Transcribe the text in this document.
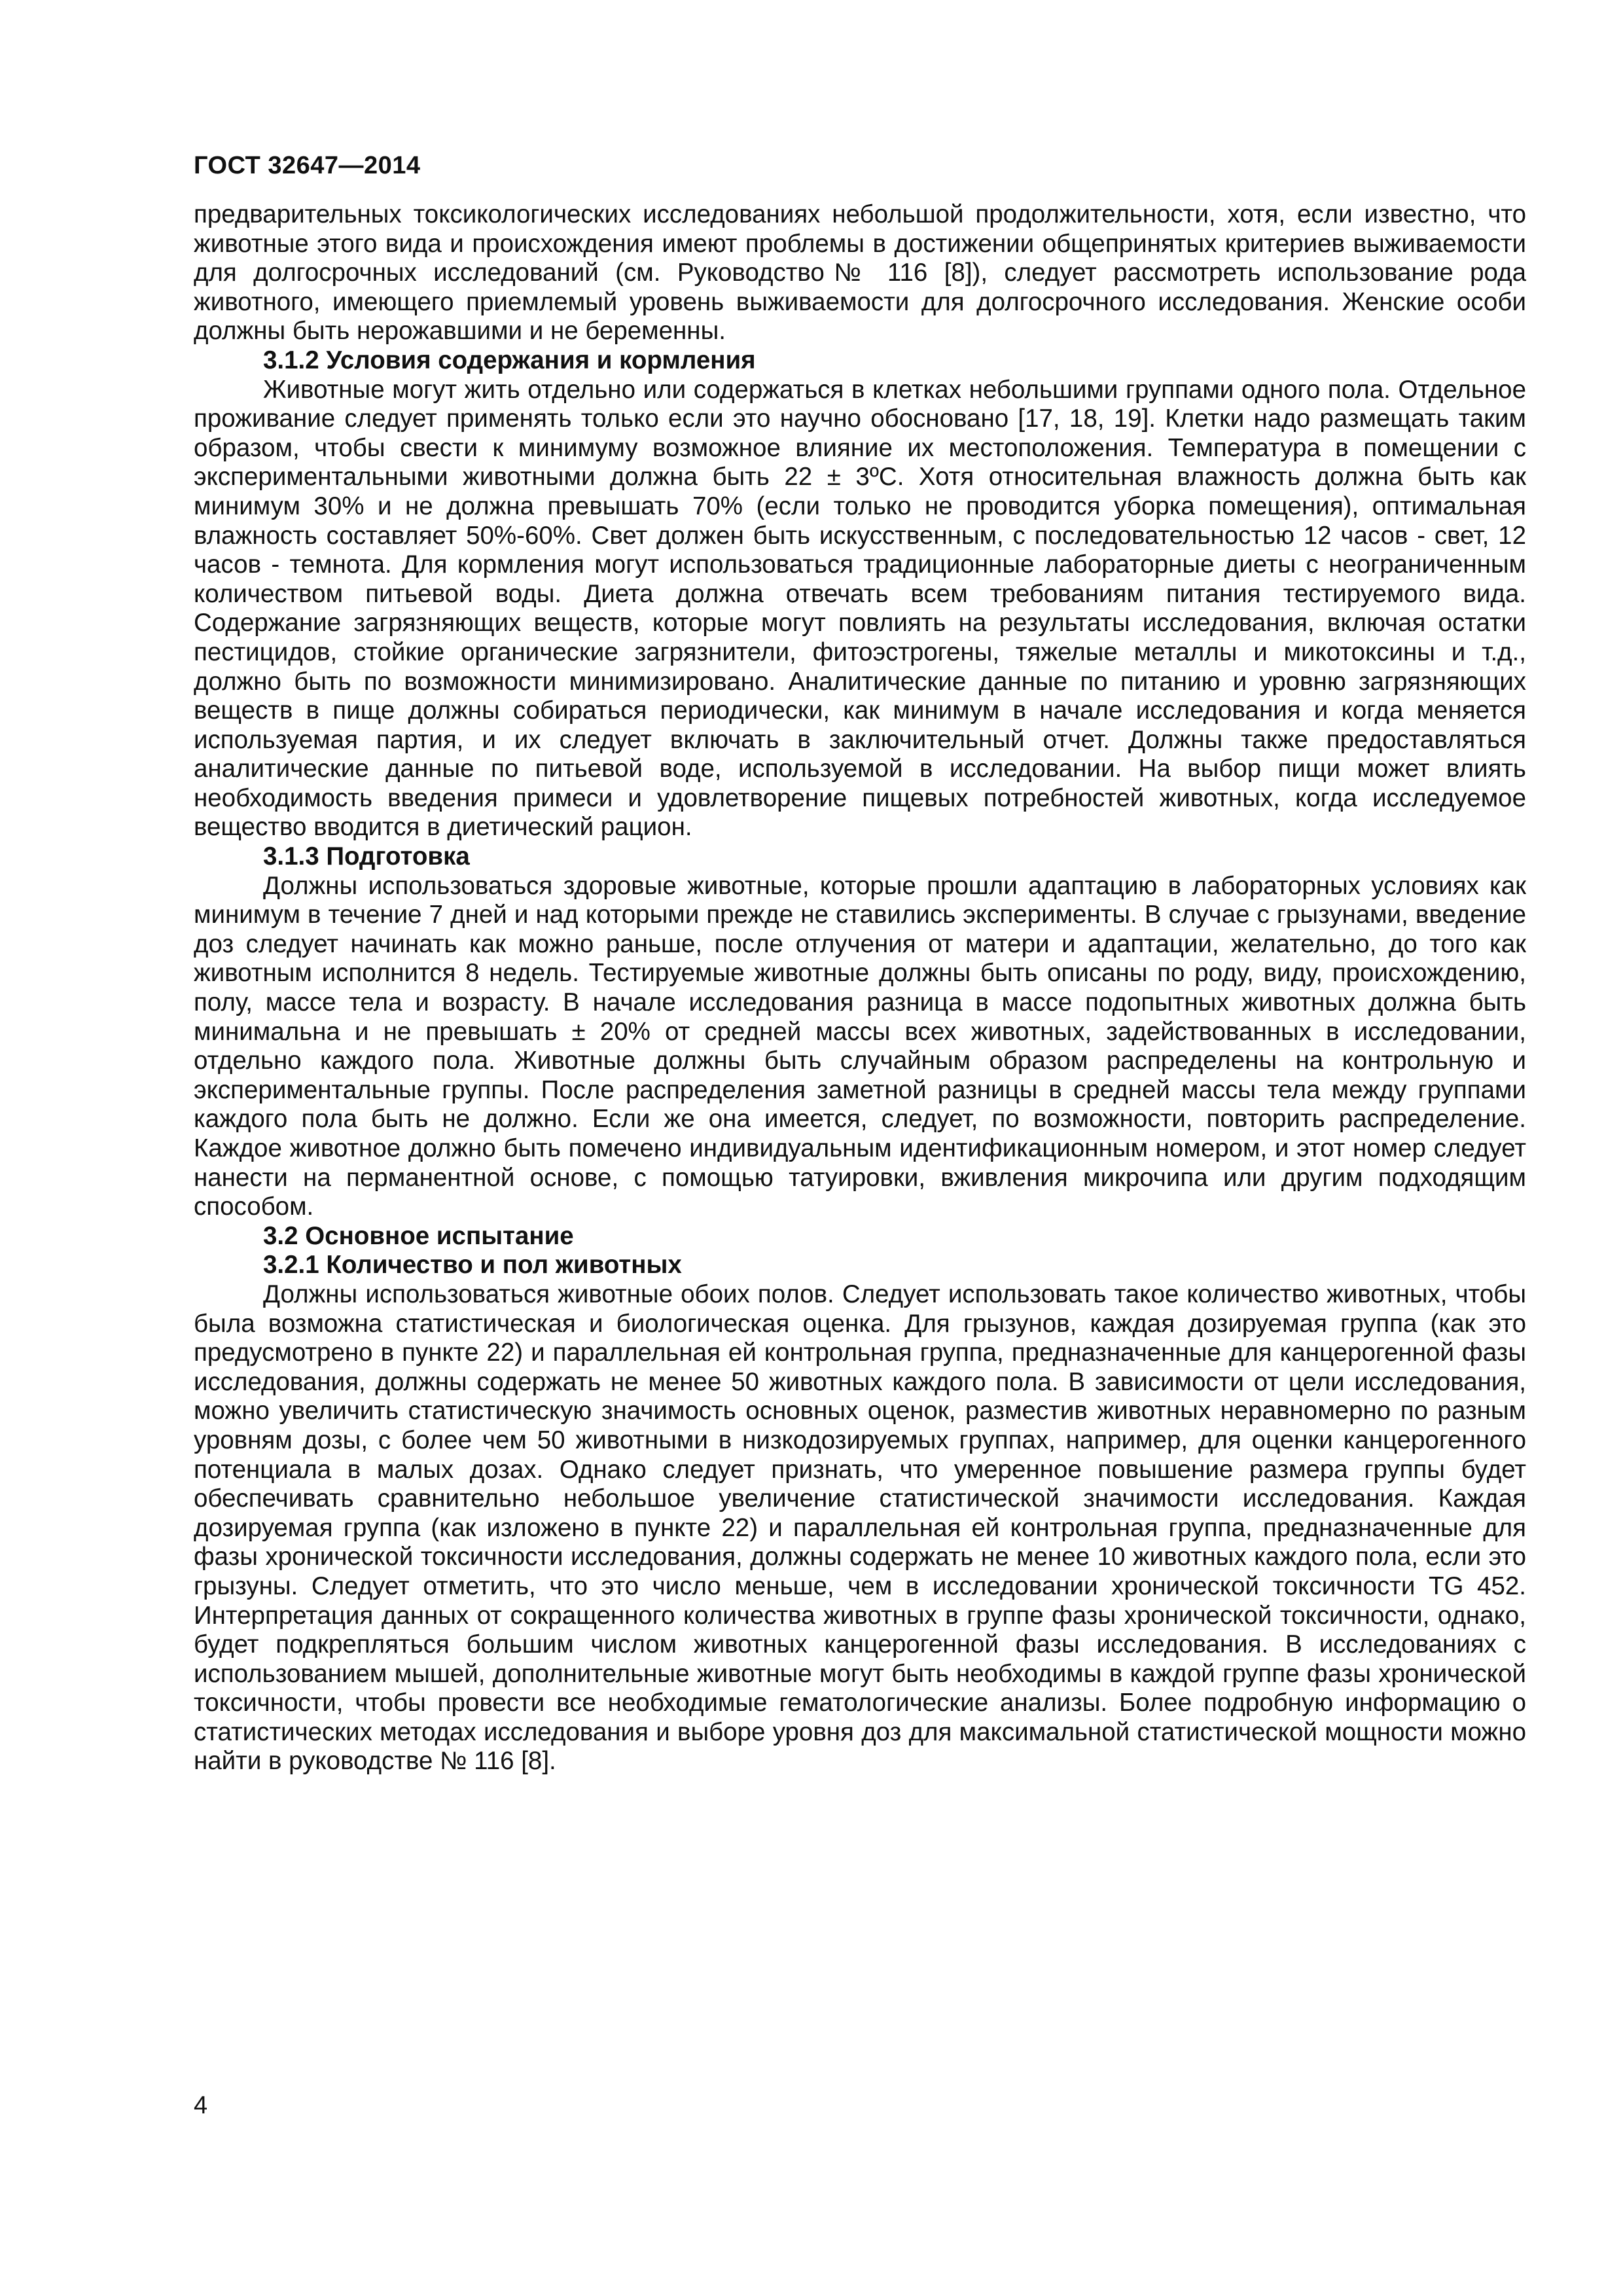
ГОСТ 32647—2014

предварительных токсикологических исследованиях небольшой продолжительности, хотя, если известно, что животные этого вида и происхождения имеют проблемы в достижении общепринятых критериев выживаемости для долгосрочных исследований (см. Руководство№ 116 [8]), следует рассмотреть использование рода животного, имеющего приемлемый уровень выживаемости для долгосрочного исследования. Женские особи должны быть нерожавшими и не беременны.

3.1.2 Условия содержания и кормления

Животные могут жить отдельно или содержаться в клетках небольшими группами одного пола. Отдельное проживание следует применять только если это научно обосновано [17, 18, 19]. Клетки надо размещать таким образом, чтобы свести к минимуму возможное влияние их местоположения. Температура в помещении с экспериментальными животными должна быть 22 ± 3ºС. Хотя относительная влажность должна быть как минимум 30% и не должна превышать 70% (если только не проводится уборка помещения), оптимальная влажность составляет 50%-60%. Свет должен быть искусственным, с последовательностью 12 часов - свет, 12 часов - темнота. Для кормления могут использоваться традиционные лабораторные диеты с неограниченным количеством питьевой воды. Диета должна отвечать всем требованиям питания тестируемого вида. Содержание загрязняющих веществ, которые могут повлиять на результаты исследования, включая остатки пестицидов, стойкие органические загрязнители, фитоэстрогены, тяжелые металлы и микотоксины и т.д., должно быть по возможности минимизировано. Аналитические данные по питанию и уровню загрязняющих веществ в пище должны собираться периодически, как минимум в начале исследования и когда меняется используемая партия, и их следует включать в заключительный отчет. Должны также предоставляться аналитические данные по питьевой воде, используемой в исследовании. На выбор пищи может влиять необходимость введения примеси и удовлетворение пищевых потребностей животных, когда исследуемое вещество вводится в диетический рацион.

3.1.3 Подготовка

Должны использоваться здоровые животные, которые прошли адаптацию в лабораторных условиях как минимум в течение 7 дней и над которыми прежде не ставились эксперименты. В случае с грызунами, введение доз следует начинать как можно раньше, после отлучения от матери и адаптации, желательно, до того как животным исполнится 8 недель. Тестируемые животные должны быть описаны по роду, виду, происхождению, полу, массе тела и возрасту. В начале исследования разница в массе подопытных животных должна быть минимальна и не превышать ± 20% от средней массы всех животных, задействованных в исследовании, отдельно каждого пола. Животные должны быть случайным образом распределены на контрольную и экспериментальные группы. После распределения заметной разницы в средней массы тела между группами каждого пола быть не должно. Если же она имеется, следует, по возможности, повторить распределение. Каждое животное должно быть помечено индивидуальным идентификационным номером, и этот номер следует нанести на перманентной основе, с помощью татуировки, вживления микрочипа или другим подходящим способом.

3.2 Основное испытание
3.2.1 Количество и пол животных

Должны использоваться животные обоих полов. Следует использовать такое количество животных, чтобы была возможна статистическая и биологическая оценка. Для грызунов, каждая дозируемая группа (как это предусмотрено в пункте 22) и параллельная ей контрольная группа, предназначенные для канцерогенной фазы исследования, должны содержать не менее 50 животных каждого пола. В зависимости от цели исследования, можно увеличить статистическую значимость основных оценок, разместив животных неравномерно по разным уровням дозы, с более чем 50 животными в низкодозируемых группах, например, для оценки канцерогенного потенциала в малых дозах. Однако следует признать, что умеренное повышение размера группы будет обеспечивать сравнительно небольшое увеличение статистической значимости исследования. Каждая дозируемая группа (как изложено в пункте 22) и параллельная ей контрольная группа, предназначенные для фазы хронической токсичности исследования, должны содержать не менее 10 животных каждого пола, если это грызуны. Следует отметить, что это число меньше, чем в исследовании хронической токсичности TG 452. Интерпретация данных от сокращенного количества животных в группе фазы хронической токсичности, однако, будет подкрепляться большим числом животных канцерогенной фазы исследования. В исследованиях с использованием мышей, дополнительные животные могут быть необходимы в каждой группе фазы хронической токсичности, чтобы провести все необходимые гематологические анализы. Более подробную информацию о статистических методах исследования и выборе уровня доз для максимальной статистической мощности можно найти в руководстве № 116 [8].

4
